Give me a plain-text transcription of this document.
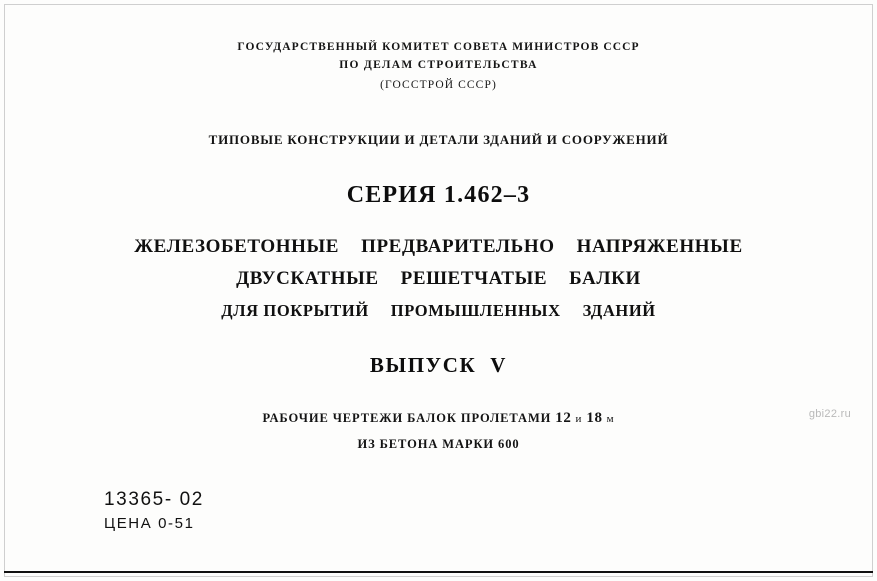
ГОСУДАРСТВЕННЫЙ КОМИТЕТ СОВЕТА МИНИСТРОВ СССР
ПО ДЕЛАМ СТРОИТЕЛЬСТВА
(ГОССТРОЙ СССР)
ТИПОВЫЕ КОНСТРУКЦИИ И ДЕТАЛИ ЗДАНИЙ И СООРУЖЕНИЙ
СЕРИЯ 1.462–3
ЖЕЛЕЗОБЕТОННЫЕ ПРЕДВАРИТЕЛЬНО НАПРЯЖЕННЫЕ
ДВУСКАТНЫЕ РЕШЕТЧАТЫЕ БАЛКИ
ДЛЯ ПОКРЫТИЙ ПРОМЫШЛЕННЫХ ЗДАНИЙ
ВЫПУСК V
РАБОЧИЕ ЧЕРТЕЖИ БАЛОК ПРОЛЕТАМИ 12 и 18 м
ИЗ БЕТОНА МАРКИ 600
13365- 02
ЦЕНА 0-51
gbi22.ru
